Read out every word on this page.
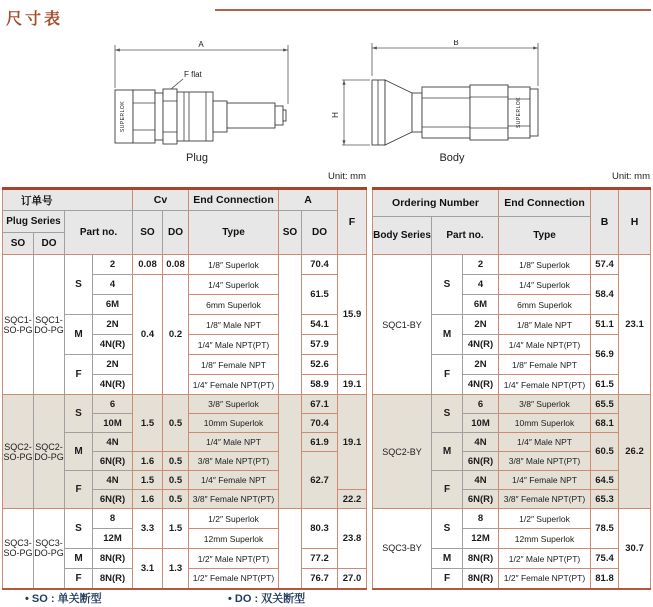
尺寸表
A
F flat
SUPERLOK
Plug
B
H	SUPERLOK
Body
Unit: mm	Unit: mm
订单号				Cv		End Connection	A		F
Plug Series		Part no.		SO	DO	Type	SO	DO	
SO	DO								
SQC1-SO-PG	SQC1-DO-PG	S	2	0.08	0.08	1/8″ Superlok		70.4	15.9
			4	0.4	0.2	1/4″ Superlok		61.5	
			6M			6mm Superlok			
		M	2N			1/8″ Male NPT		54.1	
			4N(R)			1/4″ Male NPT(PT)		57.9	
		F	2N			1/8″ Female NPT		52.6	
			4N(R)			1/4″ Female NPT(PT)		58.9	19.1
SQC2-SO-PG	SQC2-DO-PG	S	6	1.5	0.5	3/8″ Superlok		67.1	19.1
			10M			10mm Superlok		70.4	
		M	4N			1/4″ Male NPT		61.9	
			6N(R)	1.6	0.5	3/8″ Male NPT(PT)		62.7	
		F	4N	1.5	0.5	1/4″ Female NPT			
			6N(R)	1.6	0.5	3/8″ Female NPT(PT)			22.2
SQC3-SO-PG	SQC3-DO-PG	S	8	3.3	1.5	1/2″ Superlok		80.3	23.8
			12M			12mm Superlok			
		M	8N(R)	3.1	1.3	1/2″ Male NPT(PT)		77.2	
		F	8N(R)			1/2″ Female NPT(PT)		76.7	27.0
Ordering Number			End Connection	B	H
Body Series	Part no.		Type		
SQC1-BY	S	2	1/8″ Superlok	57.4	23.1
		4	1/4″ Superlok	58.4	
		6M	6mm Superlok		
	M	2N	1/8″ Male NPT	51.1	
		4N(R)	1/4″ Male NPT(PT)	56.9	
	F	2N	1/8″ Female NPT		
		4N(R)	1/4″ Female NPT(PT)	61.5	
SQC2-BY	S	6	3/8″ Superlok	65.5	26.2
		10M	10mm Superlok	68.1	
	M	4N	1/4″ Male NPT	60.5	
		6N(R)	3/8″ Male NPT(PT)		
	F	4N	1/4″ Female NPT	64.5	
		6N(R)	3/8″ Female NPT(PT)	65.3	
SQC3-BY	S	8	1/2″ Superlok	78.5	30.7
		12M	12mm Superlok		
	M	8N(R)	1/2″ Male NPT(PT)	75.4	
	F	8N(R)	1/2″ Female NPT(PT)	81.8	
• SO : 单关断型	• DO : 双关断型
